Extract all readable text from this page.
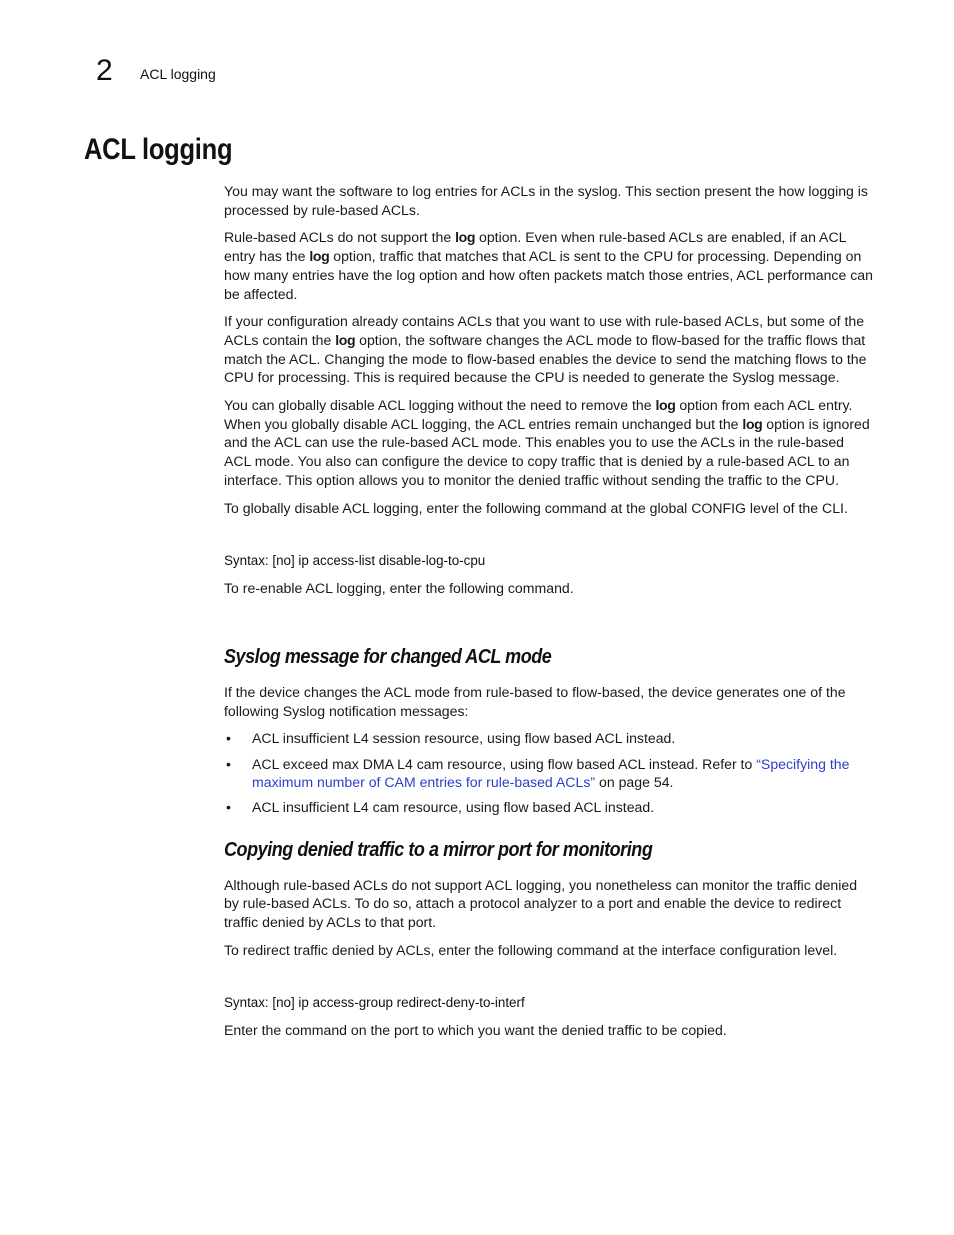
2 ACL logging
ACL logging

You may want the software to log entries for ACLs in the syslog. This section present the how logging is processed by rule-based ACLs.

Rule-based ACLs do not support the log option. Even when rule-based ACLs are enabled, if an ACL entry has the log option, traffic that matches that ACL is sent to the CPU for processing. Depending on how many entries have the log option and how often packets match those entries, ACL performance can be affected.

If your configuration already contains ACLs that you want to use with rule-based ACLs, but some of the ACLs contain the log option, the software changes the ACL mode to flow-based for the traffic flows that match the ACL. Changing the mode to flow-based enables the device to send the matching flows to the CPU for processing. This is required because the CPU is needed to generate the Syslog message.

You can globally disable ACL logging without the need to remove the log option from each ACL entry. When you globally disable ACL logging, the ACL entries remain unchanged but the log option is ignored and the ACL can use the rule-based ACL mode. This enables you to use the ACLs in the rule-based ACL mode. You also can configure the device to copy traffic that is denied by a rule-based ACL to an interface. This option allows you to monitor the denied traffic without sending the traffic to the CPU.

To globally disable ACL logging, enter the following command at the global CONFIG level of the CLI.

Syntax: [no] ip access-list disable-log-to-cpu

To re-enable ACL logging, enter the following command.

Syslog message for changed ACL mode

If the device changes the ACL mode from rule-based to flow-based, the device generates one of the following Syslog notification messages:

• ACL insufficient L4 session resource, using flow based ACL instead.
• ACL exceed max DMA L4 cam resource, using flow based ACL instead. Refer to “Specifying the maximum number of CAM entries for rule-based ACLs” on page 54.
• ACL insufficient L4 cam resource, using flow based ACL instead.
Copying denied traffic to a mirror port for monitoring

Although rule-based ACLs do not support ACL logging, you nonetheless can monitor the traffic denied by rule-based ACLs. To do so, attach a protocol analyzer to a port and enable the device to redirect traffic denied by ACLs to that port.

To redirect traffic denied by ACLs, enter the following command at the interface configuration level.

Syntax: [no] ip access-group redirect-deny-to-interf

Enter the command on the port to which you want the denied traffic to be copied.
